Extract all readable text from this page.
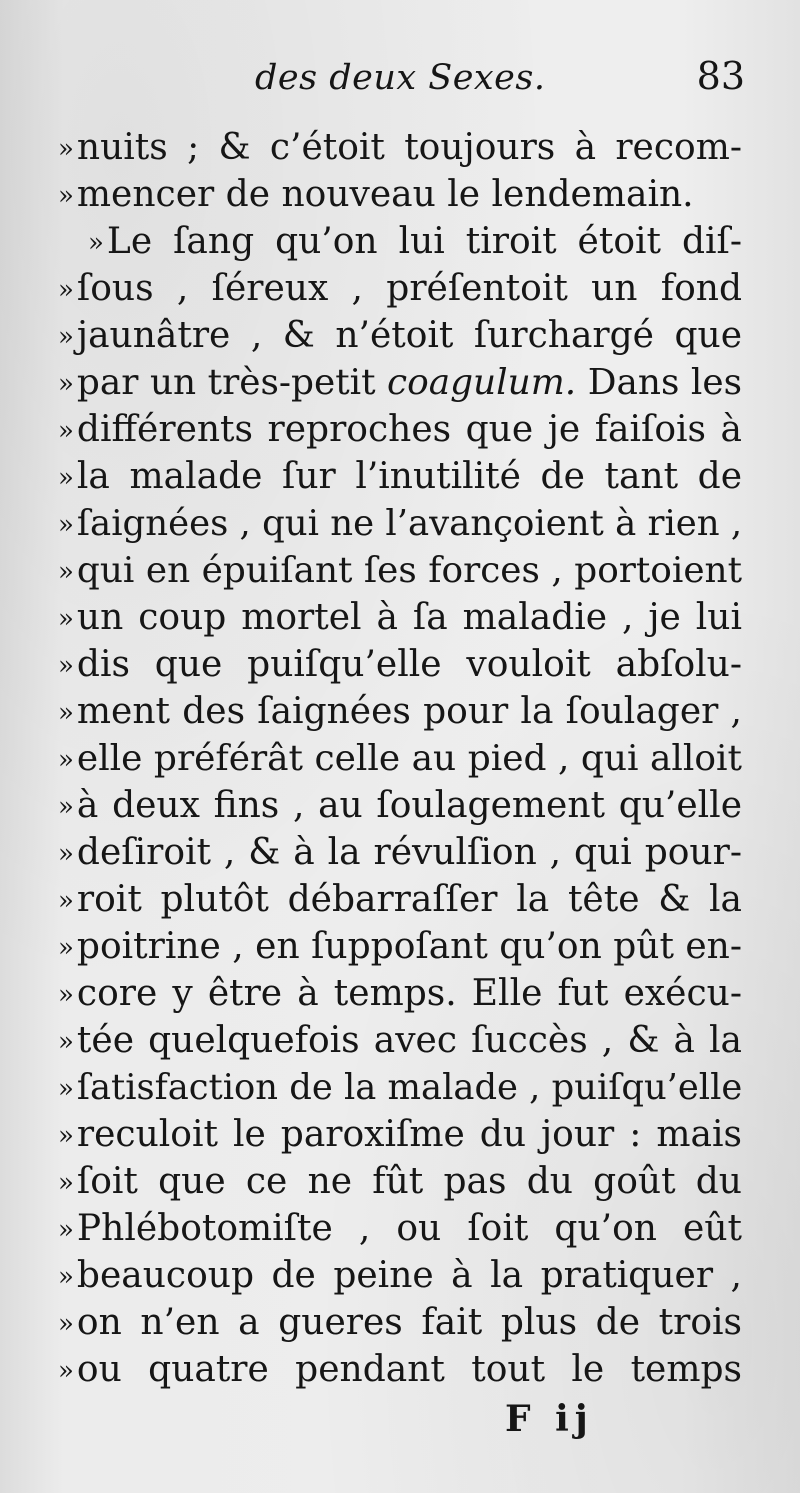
des deux Sexes.	83
» nuits ; & c’étoit toujours à recom-
» mencer de nouveau le lendemain.
» Le ſang qu’on lui tiroit étoit diſ-
» ſous , ſéreux , préſentoit un fond
» jaunâtre , & n’étoit ſurchargé que
» par un très-petit coagulum. Dans les
» différents reproches que je faiſois à
» la malade ſur l’inutilité de tant de
» ſaignées , qui ne l’avançoient à rien ,
» qui en épuiſant ſes forces , portoient
» un coup mortel à ſa maladie , je lui
» dis que puiſqu’elle vouloit abſolu-
» ment des ſaignées pour la ſoulager ,
» elle préférât celle au pied , qui alloit
» à deux fins , au ſoulagement qu’elle
» deſiroit , & à la révulſion , qui pour-
» roit plutôt débarraſſer la tête & la
» poitrine , en ſuppoſant qu’on pût en-
» core y être à temps. Elle fut exécu-
» tée quelquefois avec ſuccès , & à la
» ſatisfaction de la malade , puiſqu’elle
» reculoit le paroxiſme du jour : mais
» ſoit que ce ne fût pas du goût du
» Phlébotomiſte , ou ſoit qu’on eût
» beaucoup de peine à la pratiquer ,
» on n’en a gueres fait plus de trois
» ou quatre pendant tout le temps
F ij
